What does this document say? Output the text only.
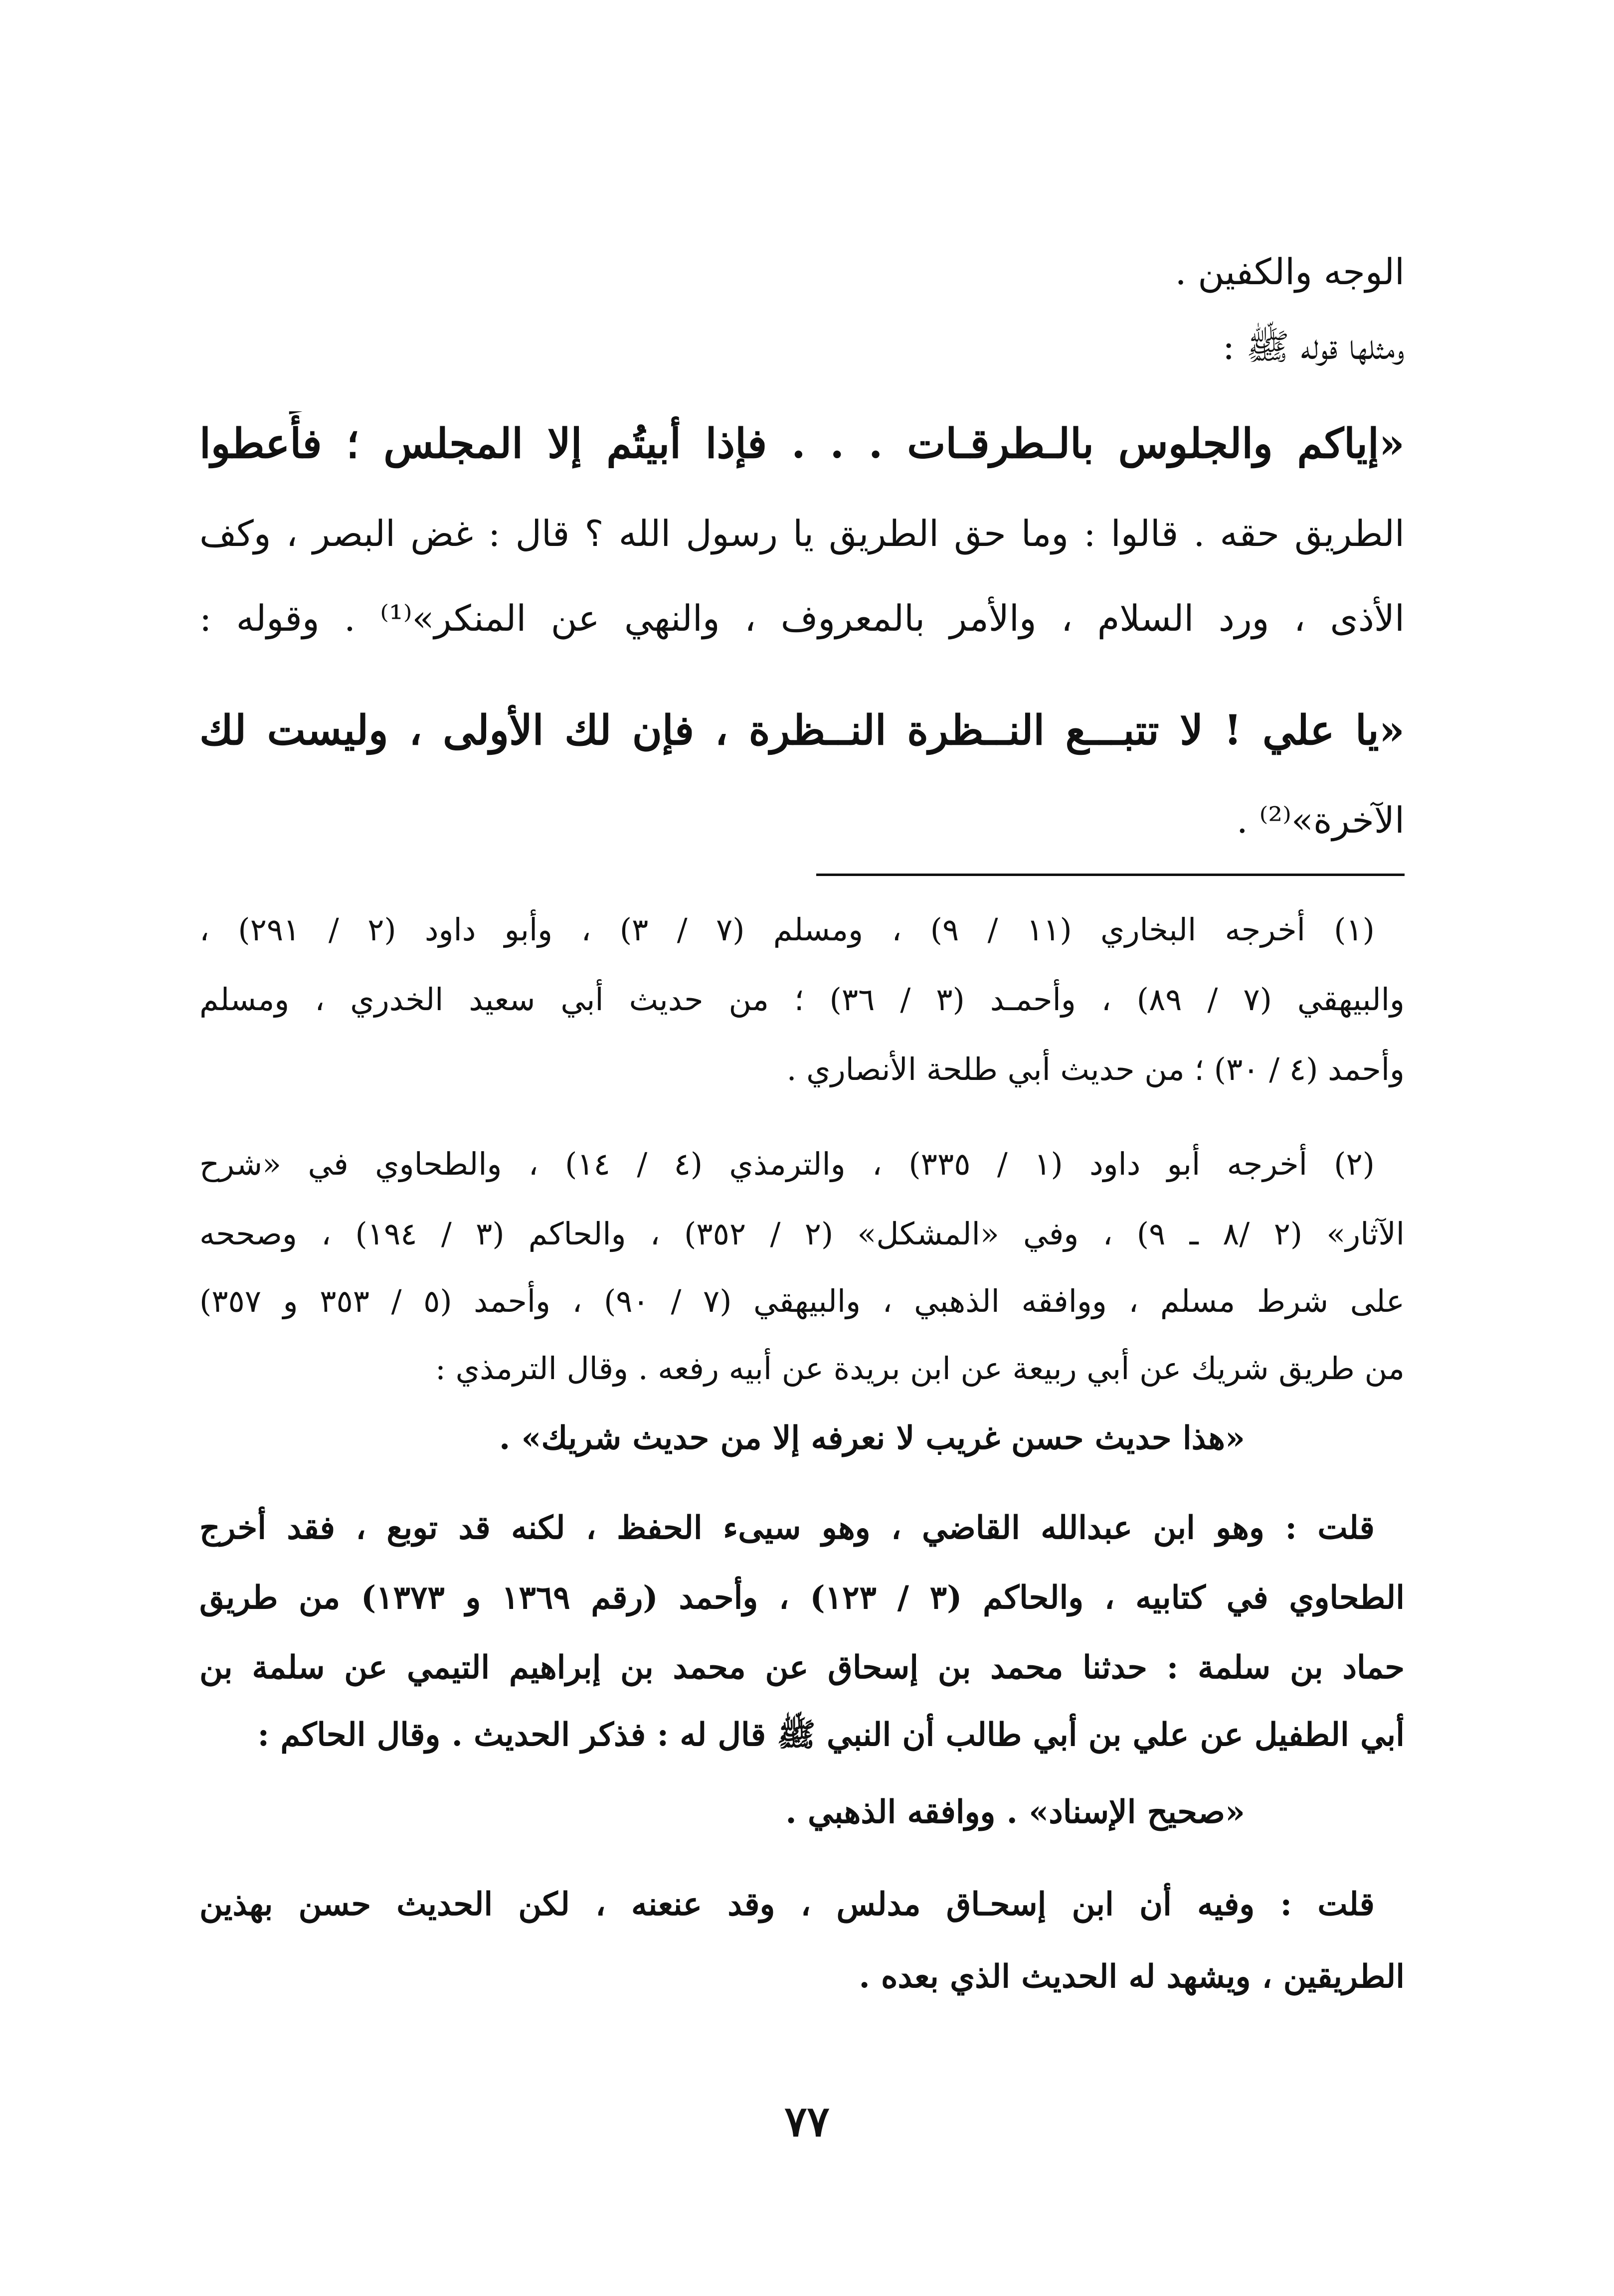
الوجه والكفين .
ومثلها قوله ﷺ :
«إياكم والجلوس بالـطرقـات . . . فإذا أبيتُم إلا المجلس ؛ فأَعطوا
الطريق حقه . قالوا : وما حق الطريق يا رسول الله ؟ قال : غض البصر ، وكف
الأذى ، ورد السلام ، والأمر بالمعروف ، والنهي عن المنكر»⁽¹⁾ . وقوله :
«يا علي ! لا تتبـــع النــظرة النــظرة ، فإن لك الأولى ، وليست لك
الآخرة»⁽²⁾ .
(١) أخرجه البخاري (١١ / ٩) ، ومسلم (٧ / ٣) ، وأبو داود (٢ / ٢٩١) ،
والبيهقي (٧ / ٨٩) ، وأحمـد (٣ / ٣٦) ؛ من حديث أبي سعيد الخدري ، ومسلم
وأحمد (٤ / ٣٠) ؛ من حديث أبي طلحة الأنصاري .
(٢) أخرجه أبو داود (١ / ٣٣٥) ، والترمذي (٤ / ١٤) ، والطحاوي في «شرح
الآثار» (٢ /٨ ـ ٩) ، وفي «المشكل» (٢ / ٣٥٢) ، والحاكم (٣ / ١٩٤) ، وصححه
على شرط مسلم ، ووافقه الذهبي ، والبيهقي (٧ / ٩٠) ، وأحمد (٥ / ٣٥٣ و ٣٥٧)
من طريق شريك عن أبي ربيعة عن ابن بريدة عن أبيه رفعه . وقال الترمذي :
«هذا حديث حسن غريب لا نعرفه إلا من حديث شريك» .
قلت : وهو ابن عبدالله القاضي ، وهو سيىء الحفظ ، لكنه قد توبع ، فقد أخرج
الطحاوي في كتابيه ، والحاكم (٣ / ١٢٣) ، وأحمد (رقم ١٣٦٩ و ١٣٧٣) من طريق
حماد بن سلمة : حدثنا محمد بن إسحاق عن محمد بن إبراهيم التيمي عن سلمة بن
أبي الطفيل عن علي بن أبي طالب أن النبي ﷺ قال له : فذكر الحديث . وقال الحاكم :
«صحيح الإسناد» . ووافقه الذهبي .
قلت : وفيه أن ابن إسحـاق مدلس ، وقد عنعنه ، لكن الحديث حسن بهذين
الطريقين ، ويشهد له الحديث الذي بعده .
٧٧
